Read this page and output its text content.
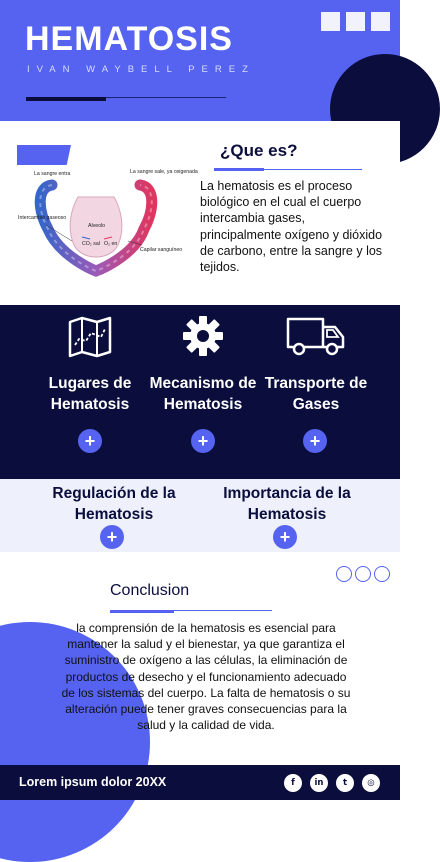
HEMATOSIS
IVAN WAYBELL PEREZ
La sangre entra	La sangre sale, ya oxigenada
Intercambio gaseoso
Alveolo
CO₂ sal O₂ en
Capilar sanguíneo
¿Que es?

La hematosis es el proceso biológico en el cual el cuerpo intercambia gases, principalmente oxígeno y dióxido de carbono, entre la sangre y los tejidos.

Lugares de Hematosis
Mecanismo de Hematosis
Transporte de Gases
+	+	+
Regulación de la Hematosis
Importancia de la Hematosis
+	+
Conclusion

la comprensión de la hematosis es esencial para mantener la salud y el bienestar, ya que garantiza el suministro de oxígeno a las células, la eliminación de productos de desecho y el funcionamiento adecuado de los sistemas del cuerpo. La falta de hematosis o su alteración puede tener graves consecuencias para la salud y la calidad de vida.

Lorem ipsum dolor 20XX	f	in	t	◎
